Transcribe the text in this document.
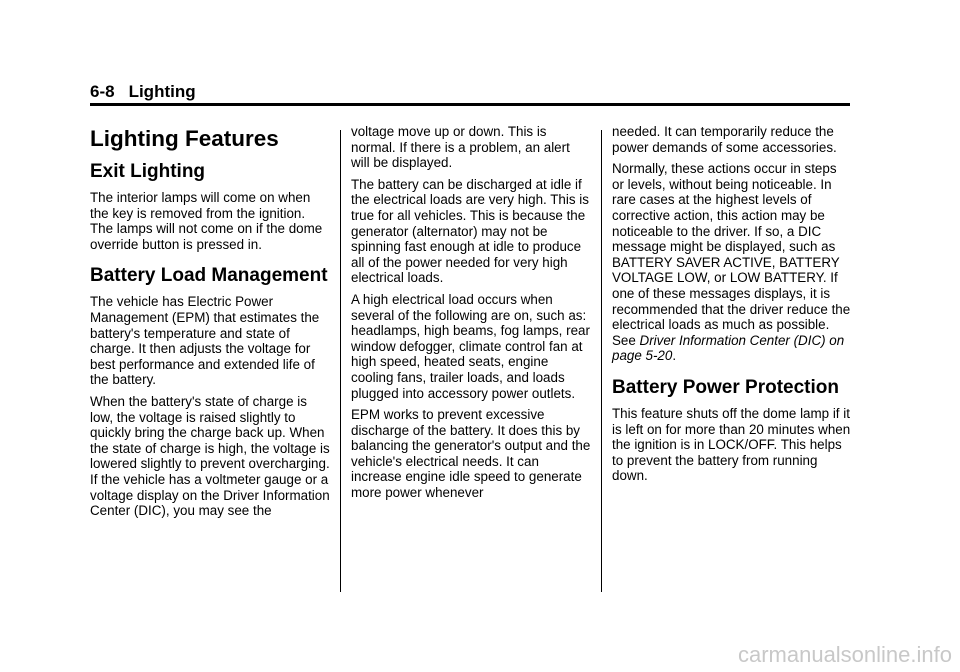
6-8 Lighting
Lighting Features
Exit Lighting

The interior lamps will come on when the key is removed from the ignition. The lamps will not come on if the dome override button is pressed in.

Battery Load Management

The vehicle has Electric Power Management (EPM) that estimates the battery's temperature and state of charge. It then adjusts the voltage for best performance and extended life of the battery.

When the battery's state of charge is low, the voltage is raised slightly to quickly bring the charge back up. When the state of charge is high, the voltage is lowered slightly to prevent overcharging. If the vehicle has a voltmeter gauge or a voltage display on the Driver Information Center (DIC), you may see the

voltage move up or down. This is normal. If there is a problem, an alert will be displayed.

The battery can be discharged at idle if the electrical loads are very high. This is true for all vehicles. This is because the generator (alternator) may not be spinning fast enough at idle to produce all of the power needed for very high electrical loads.

A high electrical load occurs when several of the following are on, such as: headlamps, high beams, fog lamps, rear window defogger, climate control fan at high speed, heated seats, engine cooling fans, trailer loads, and loads plugged into accessory power outlets.

EPM works to prevent excessive discharge of the battery. It does this by balancing the generator's output and the vehicle's electrical needs. It can increase engine idle speed to generate more power whenever

needed. It can temporarily reduce the power demands of some accessories.

Normally, these actions occur in steps or levels, without being noticeable. In rare cases at the highest levels of corrective action, this action may be noticeable to the driver. If so, a DIC message might be displayed, such as BATTERY SAVER ACTIVE, BATTERY VOLTAGE LOW, or LOW BATTERY. If one of these messages displays, it is recommended that the driver reduce the electrical loads as much as possible. See Driver Information Center (DIC) on page 5-20.

Battery Power Protection

This feature shuts off the dome lamp if it is left on for more than 20 minutes when the ignition is in LOCK/OFF. This helps to prevent the battery from running down.

carmanualsonline.info
